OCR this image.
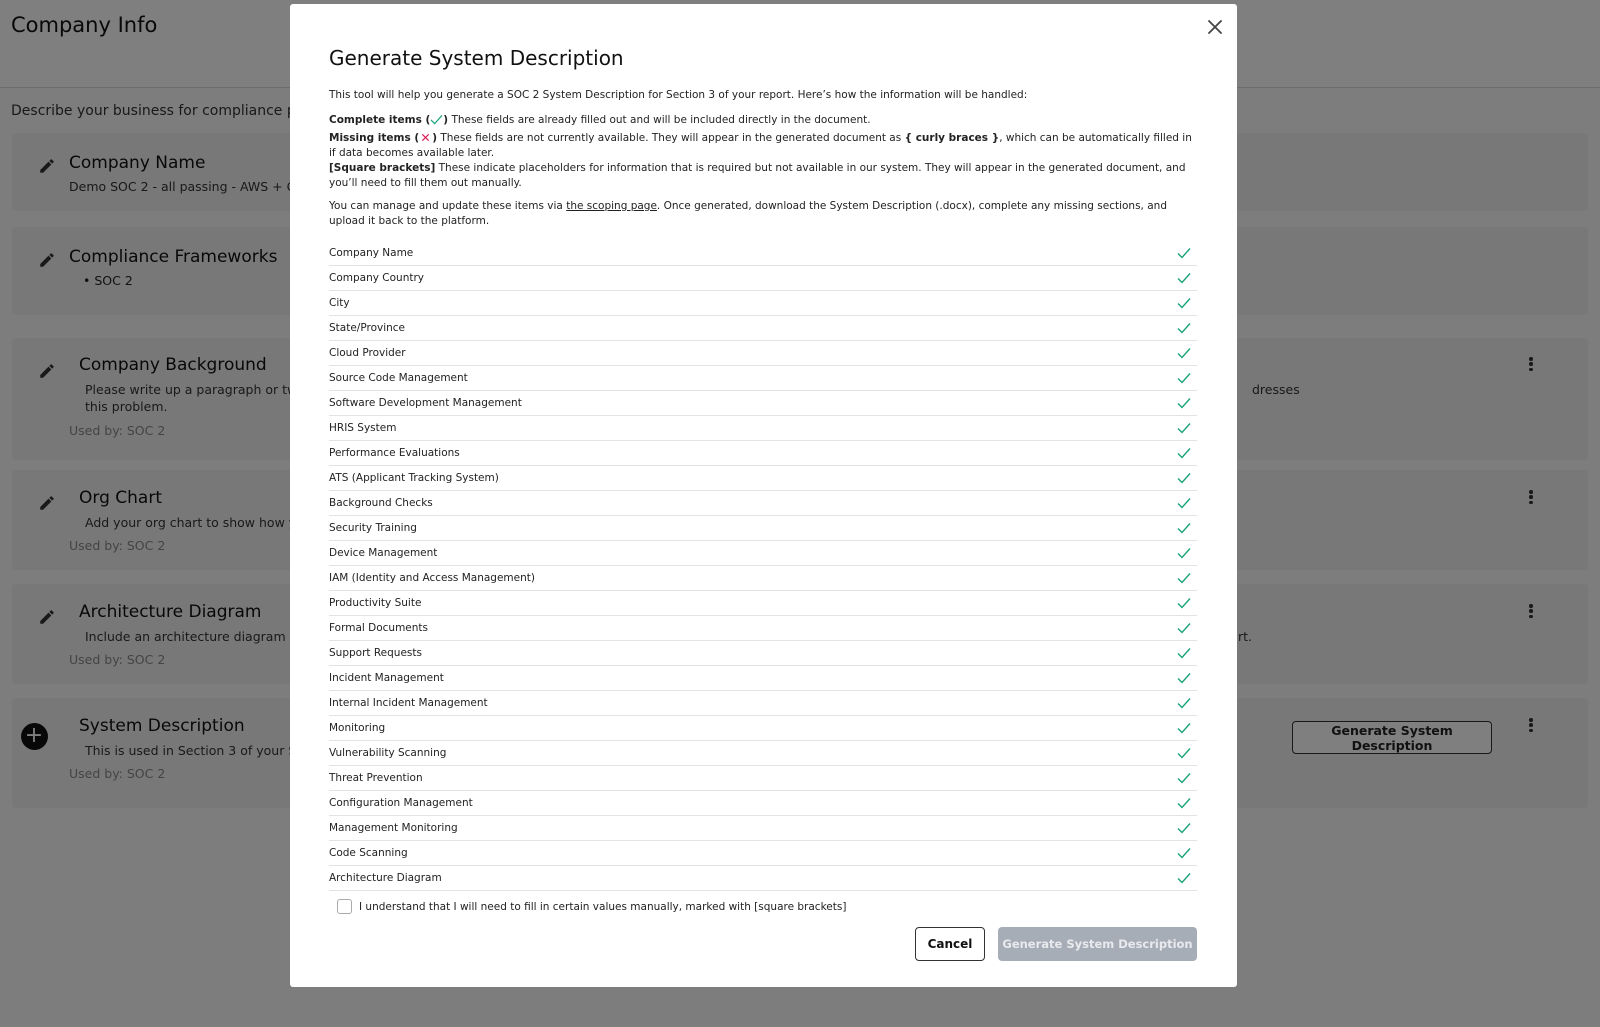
Generate System Description
This tool will help you generate a SOC 2 System Description for Section 3 of your report. Here’s how the information will be handled:
Complete items ( ) These fields are already filled out and will be included directly in the document.
Missing items ( ) These fields are not currently available. They will appear in the generated document as { curly braces }, which can be automatically filled in if data becomes available later.
[Square brackets] These indicate placeholders for information that is required but not available in our system. They will appear in the generated document, and you’ll need to fill them out manually.
You can manage and update these items via the scoping page. Once generated, download the System Description (.docx), complete any missing sections, and upload it back to the platform.
Company Name
Company Country
City
State/Province
Cloud Provider
Source Code Management
Software Development Management
HRIS System
Performance Evaluations
ATS (Applicant Tracking System)
Background Checks
Security Training
Device Management
IAM (Identity and Access Management)
Productivity Suite
Formal Documents
Support Requests
Incident Management
Internal Incident Management
Monitoring
Vulnerability Scanning
Threat Prevention
Configuration Management
Management Monitoring
Code Scanning
Architecture Diagram
I understand that I will need to fill in certain values manually, marked with [square brackets]
Cancel	Generate System Description
